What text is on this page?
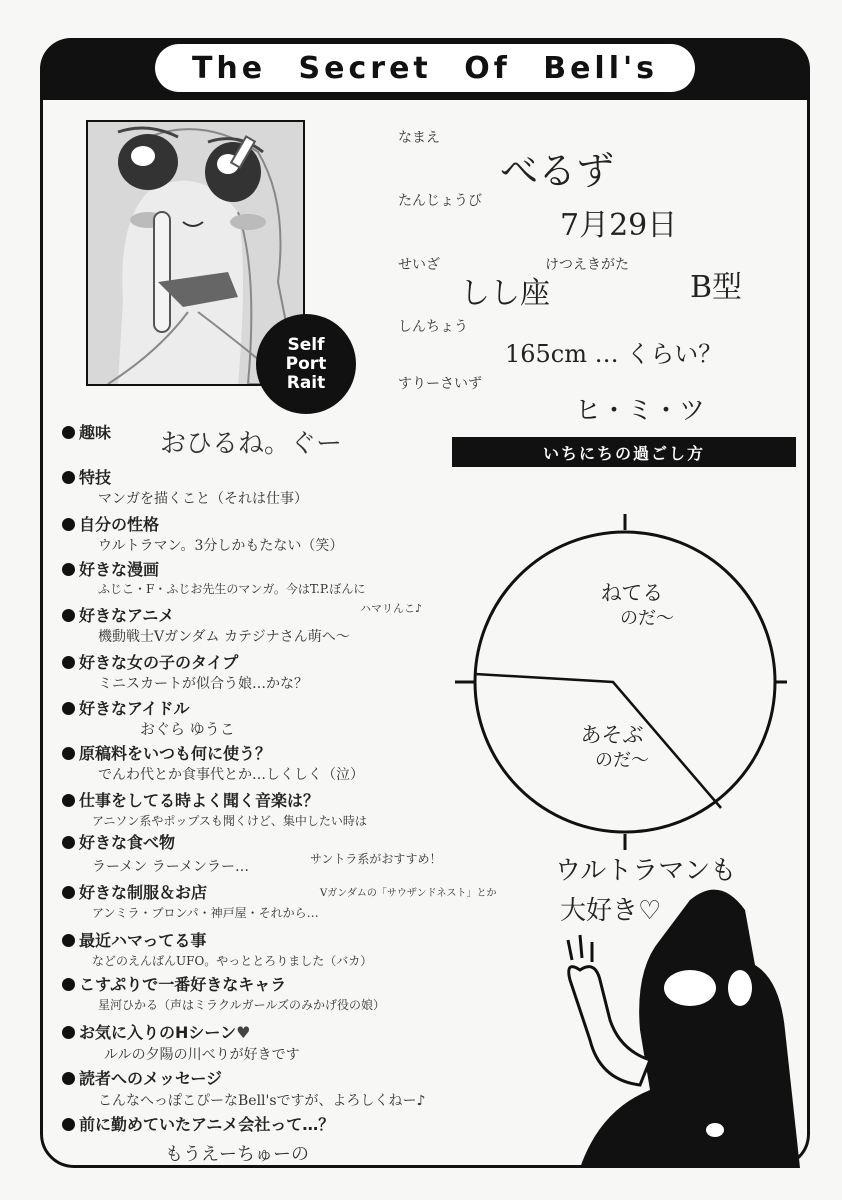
The Secret Of Bell's
Self
Port
Rait
なまえ
べるず
たんじょうび
7月29日
せいざ
しし座
けつえきがた
B型
しんちょう
165cm … くらい？
すりーさいず
ヒ・ミ・ツ
いちにちの過ごし方
ねてる
のだ〜
あそぶ
のだ〜
ウルトラマンも
大好き♡
趣味 おひるね。ぐー
特技
マンガを描くこと（それは仕事）
自分の性格
ウルトラマン。3分しかもたない（笑）
好きな漫画
ふじこ・F・ふじお先生のマンガ。今はT.P.ぼんに
ハマリんこ♪
好きなアニメ
機動戦士Vガンダム カテジナさん萌へ〜
好きな女の子のタイプ
ミニスカートが似合う娘…かな？
好きなアイドル
おぐら ゆうこ
原稿料をいつも何に使う？
でんわ代とか食事代とか…しくしく（泣）
仕事をしてる時よく聞く音楽は？
アニソン系やポップスも聞くけど、集中したい時は
サントラ系がおすすめ！
好きな食べ物
ラーメン ラーメンラー…
好きな制服＆お店
アンミラ・ブロンパ・神戸屋・それから…
Vガンダムの「サウザンドネスト」とか
最近ハマってる事
などのえんばんUFO。やっととろりました（バカ）
こすぷりで一番好きなキャラ
星河ひかる（声はミラクルガールズのみかげ役の娘）
お気に入りのHシーン♥
ルルの夕陽の川べりが好きです
読者へのメッセージ
こんなへっぽこぴーなBell'sですが、よろしくねー♪
前に勤めていたアニメ会社って…？
もうえーちゅーの
